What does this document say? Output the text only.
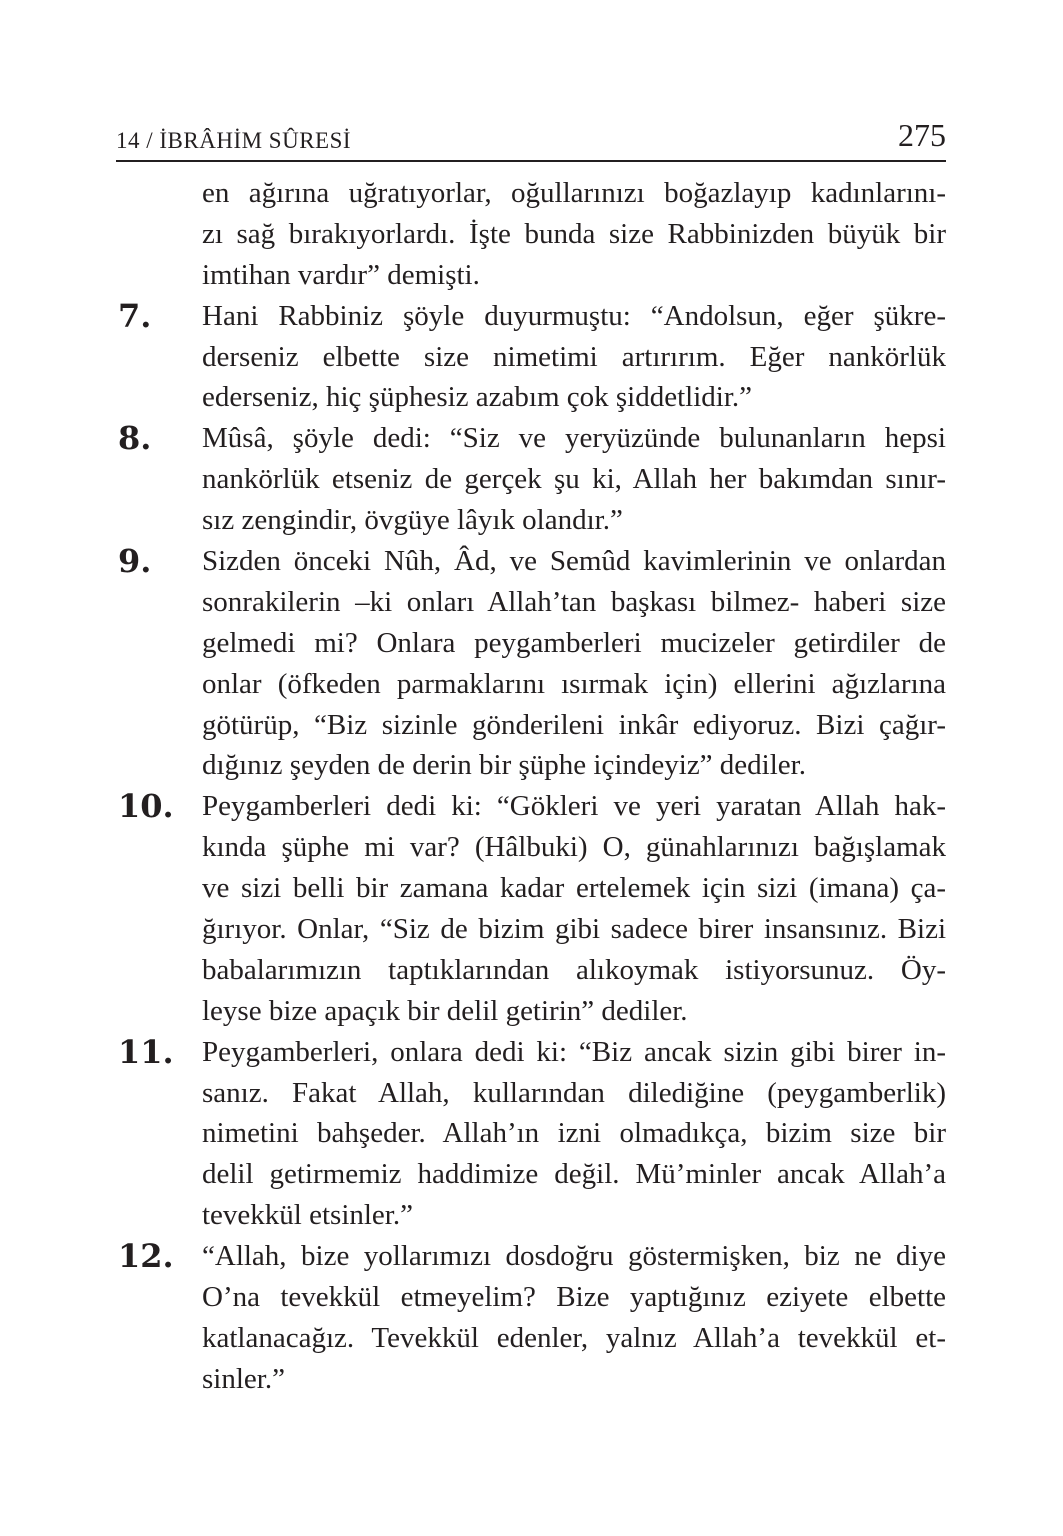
14 / İBRÂHİM SÛRESİ	275
en ağırına uğratıyorlar, oğullarınızı boğazlayıp kadınlarını-
zı sağ bırakıyorlardı. İşte bunda size Rabbinizden büyük bir
imtihan vardır” demişti.
7. Hani Rabbiniz şöyle duyurmuştu: “Andolsun, eğer şükre-
derseniz elbette size nimetimi artırırım. Eğer nankörlük
ederseniz, hiç şüphesiz azabım çok şiddetlidir.”
8. Mûsâ, şöyle dedi: “Siz ve yeryüzünde bulunanların hepsi
nankörlük etseniz de gerçek şu ki, Allah her bakımdan sınır-
sız zengindir, övgüye lâyık olandır.”
9. Sizden önceki Nûh, Âd, ve Semûd kavimlerinin ve onlardan
sonrakilerin –ki onları Allah’tan başkası bilmez- haberi size
gelmedi mi? Onlara peygamberleri mucizeler getirdiler de
onlar (öfkeden parmaklarını ısırmak için) ellerini ağızlarına
götürüp, “Biz sizinle gönderileni inkâr ediyoruz. Bizi çağır-
dığınız şeyden de derin bir şüphe içindeyiz” dediler.
10. Peygamberleri dedi ki: “Gökleri ve yeri yaratan Allah hak-
kında şüphe mi var? (Hâlbuki) O, günahlarınızı bağışlamak
ve sizi belli bir zamana kadar ertelemek için sizi (imana) ça-
ğırıyor. Onlar, “Siz de bizim gibi sadece birer insansınız. Bizi
babalarımızın taptıklarından alıkoymak istiyorsunuz. Öy-
leyse bize apaçık bir delil getirin” dediler.
11. Peygamberleri, onlara dedi ki: “Biz ancak sizin gibi birer in-
sanız. Fakat Allah, kullarından dilediğine (peygamberlik)
nimetini bahşeder. Allah’ın izni olmadıkça, bizim size bir
delil getirmemiz haddimize değil. Mü’minler ancak Allah’a
tevekkül etsinler.”
12. “Allah, bize yollarımızı dosdoğru göstermişken, biz ne diye
O’na tevekkül etmeyelim? Bize yaptığınız eziyete elbette
katlanacağız. Tevekkül edenler, yalnız Allah’a tevekkül et-
sinler.”
